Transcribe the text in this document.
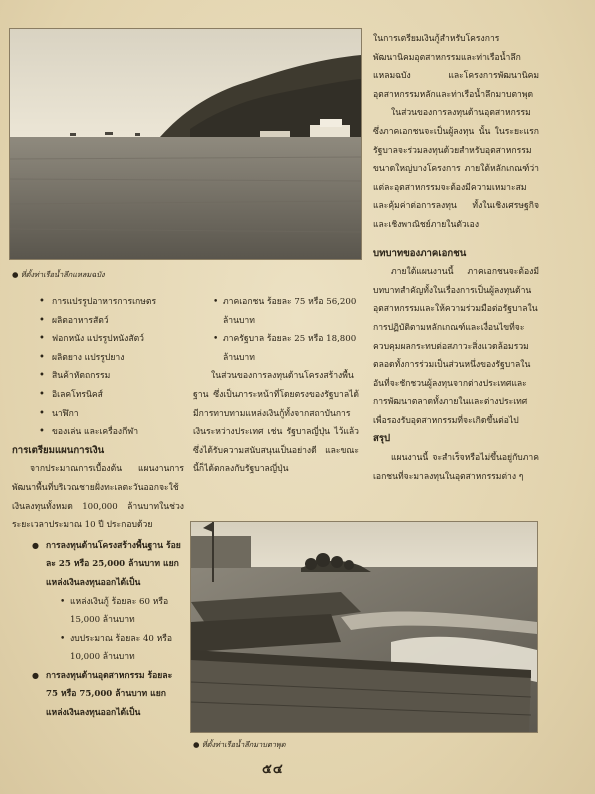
● ที่ตั้งท่าเรือน้ำลึกแหลมฉบัง
• การแปรรูปอาหารการเกษตร
• ผลิตอาหารสัตว์
• ฟอกหนัง แปรรูปหนังสัตว์
• ผลิตยาง แปรรูปยาง
• สินค้าหัตถกรรม
• อิเลคโทรนิคส์
• นาฬิกา
• ของเล่น และเครื่องกีฬา

การเตรียมแผนการเงิน

จากประมาณการเบื้องต้น แผนงานการพัฒนาพื้นที่บริเวณชายฝั่งทะเลตะวันออกจะใช้เงินลงทุนทั้งหมด 100,000 ล้านบาทในช่วงระยะเวลาประมาณ 10 ปี ประกอบด้วย

● การลงทุนด้านโครงสร้างพื้นฐาน ร้อยละ 25 หรือ 25,000 ล้านบาท แยกแหล่งเงินลงทุนออกได้เป็น
• แหล่งเงินกู้ ร้อยละ 60 หรือ 15,000 ล้านบาท
• งบประมาณ ร้อยละ 40 หรือ 10,000 ล้านบาท
● การลงทุนด้านอุตสาหกรรม ร้อยละ 75 หรือ 75,000 ล้านบาท แยกแหล่งเงินลงทุนออกได้เป็น
• ภาคเอกชน ร้อยละ 75 หรือ 56,200 ล้านบาท
• ภาครัฐบาล ร้อยละ 25 หรือ 18,800 ล้านบาท

ในส่วนของการลงทุนด้านโครงสร้างพื้นฐาน ซึ่งเป็นภาระหน้าที่โดยตรงของรัฐบาลได้มีการทาบทามแหล่งเงินกู้ทั้งจากสถาบันการเงินระหว่างประเทศ เช่น รัฐบาลญี่ปุ่น ไว้แล้ว ซึ่งได้รับความสนับสนุนเป็นอย่างดี และขณะนี้ก็ได้ตกลงกับรัฐบาลญี่ปุ่น

ในการเตรียมเงินกู้สำหรับโครงการพัฒนานิคมอุตสาหกรรมและท่าเรือน้ำลึกแหลมฉบัง และโครงการพัฒนานิคมอุตสาหกรรมหลักและท่าเรือน้ำลึกมาบตาพุด

ในส่วนของการลงทุนด้านอุตสาหกรรมซึ่งภาคเอกชนจะเป็นผู้ลงทุน นั้น ในระยะแรกรัฐบาลจะร่วมลงทุนด้วยสำหรับอุตสาหกรรมขนาดใหญ่บางโครงการ ภายใต้หลักเกณฑ์ว่าแต่ละอุตสาหกรรมจะต้องมีความเหมาะสมและคุ้มค่าต่อการลงทุน ทั้งในเชิงเศรษฐกิจและเชิงพาณิชย์ภายในตัวเอง

บทบาทของภาคเอกชน

ภายใต้แผนงานนี้ ภาคเอกชนจะต้องมีบทบาทสำคัญทั้งในเรื่องการเป็นผู้ลงทุนด้านอุตสาหกรรมและให้ความร่วมมือต่อรัฐบาลในการปฏิบัติตามหลักเกณฑ์และเงื่อนไขที่จะควบคุมผลกระทบต่อสภาวะสิ่งแวดล้อมรวมตลอดทั้งการร่วมเป็นส่วนหนึ่งของรัฐบาลในอันที่จะชักชวนผู้ลงทุนจากต่างประเทศและการพัฒนาตลาดทั้งภายในและต่างประเทศเพื่อรองรับอุตสาหกรรมที่จะเกิดขึ้นต่อไป

สรุป

แผนงานนี้ จะสำเร็จหรือไม่ขึ้นอยู่กับภาคเอกชนที่จะมาลงทุนในอุตสาหกรรมต่าง ๆ

● ที่ตั้งท่าเรือน้ำลึกมาบตาพุด
๕๔
